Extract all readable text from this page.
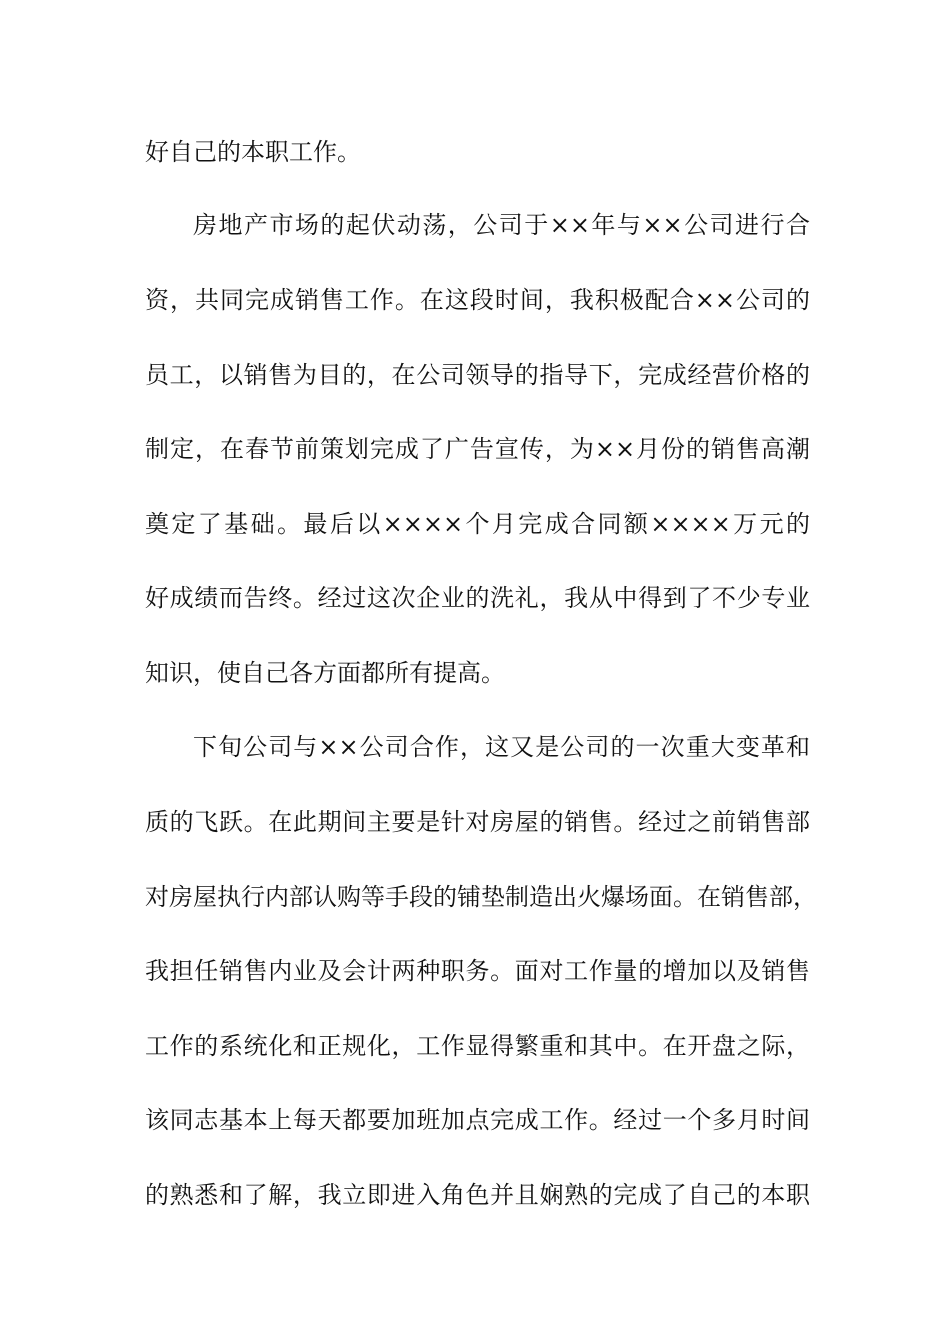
好自己的本职工作。
房地产市场的起伏动荡，公司于××年与××公司进行合
资，共同完成销售工作。在这段时间，我积极配合××公司的
员工，以销售为目的，在公司领导的指导下，完成经营价格的
制定，在春节前策划完成了广告宣传，为××月份的销售高潮
奠定了基础。最后以××××个月完成合同额××××万元的
好成绩而告终。经过这次企业的洗礼，我从中得到了不少专业
知识，使自己各方面都所有提高。
下旬公司与××公司合作，这又是公司的一次重大变革和
质的飞跃。在此期间主要是针对房屋的销售。经过之前销售部
对房屋执行内部认购等手段的铺垫制造出火爆场面。在销售部，
我担任销售内业及会计两种职务。面对工作量的增加以及销售
工作的系统化和正规化，工作显得繁重和其中。在开盘之际，
该同志基本上每天都要加班加点完成工作。经过一个多月时间
的熟悉和了解，我立即进入角色并且娴熟的完成了自己的本职
